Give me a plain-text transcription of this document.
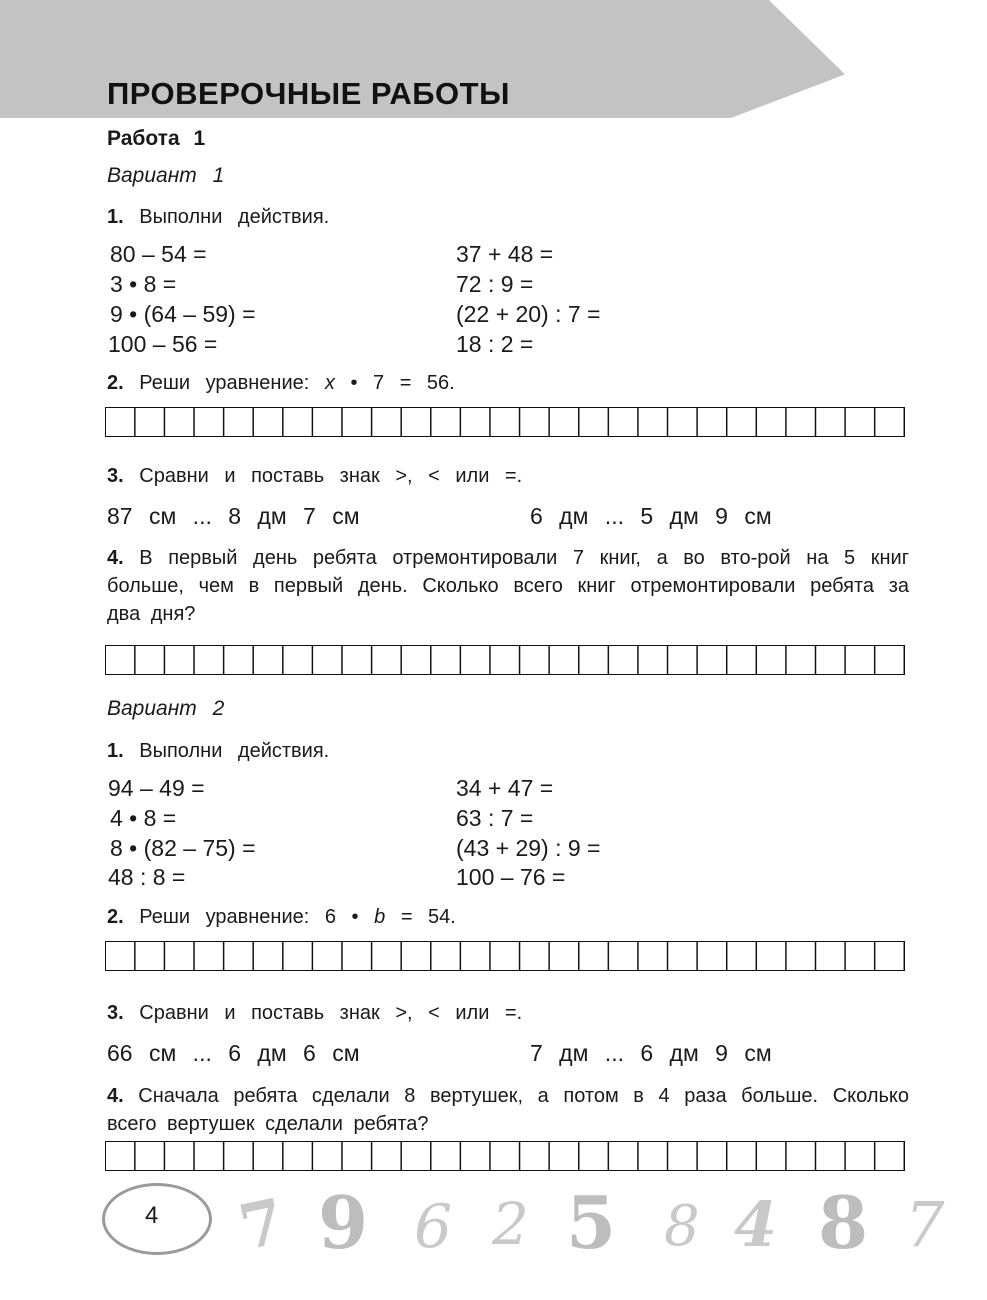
ПРОВЕРОЧНЫЕ РАБОТЫ
Работа 1
Вариант 1
1. Выполни действия.
80 – 54 =
3 • 8 =
9 • (64 – 59) =
100 – 56 =
37 + 48 =
72 : 9 =
(22 + 20) : 7 =
18 : 2 =
2. Реши уравнение: x • 7 = 56.
3. Сравни и поставь знак >, < или =.
87 см ... 8 дм 7 см	6 дм ... 5 дм 9 см
4. В первый день ребята отремонтировали 7 книг, а во вто-рой на 5 книг больше, чем в первый день. Сколько всего книг отремонтировали ребята за два дня?
Вариант 2
1. Выполни действия.
94 – 49 =
4 • 8 =
8 • (82 – 75) =
48 : 8 =
34 + 47 =
63 : 7 =
(43 + 29) : 9 =
100 – 76 =
2. Реши уравнение: 6 • b = 54.
3. Сравни и поставь знак >, < или =.
66 см ... 6 дм 6 см	7 дм ... 6 дм 9 см
4. Сначала ребята сделали 8 вертушек, а потом в 4 раза больше. Сколько всего вертушек сделали ребята?
4 7 9 6 2 5 8 4 8 7
